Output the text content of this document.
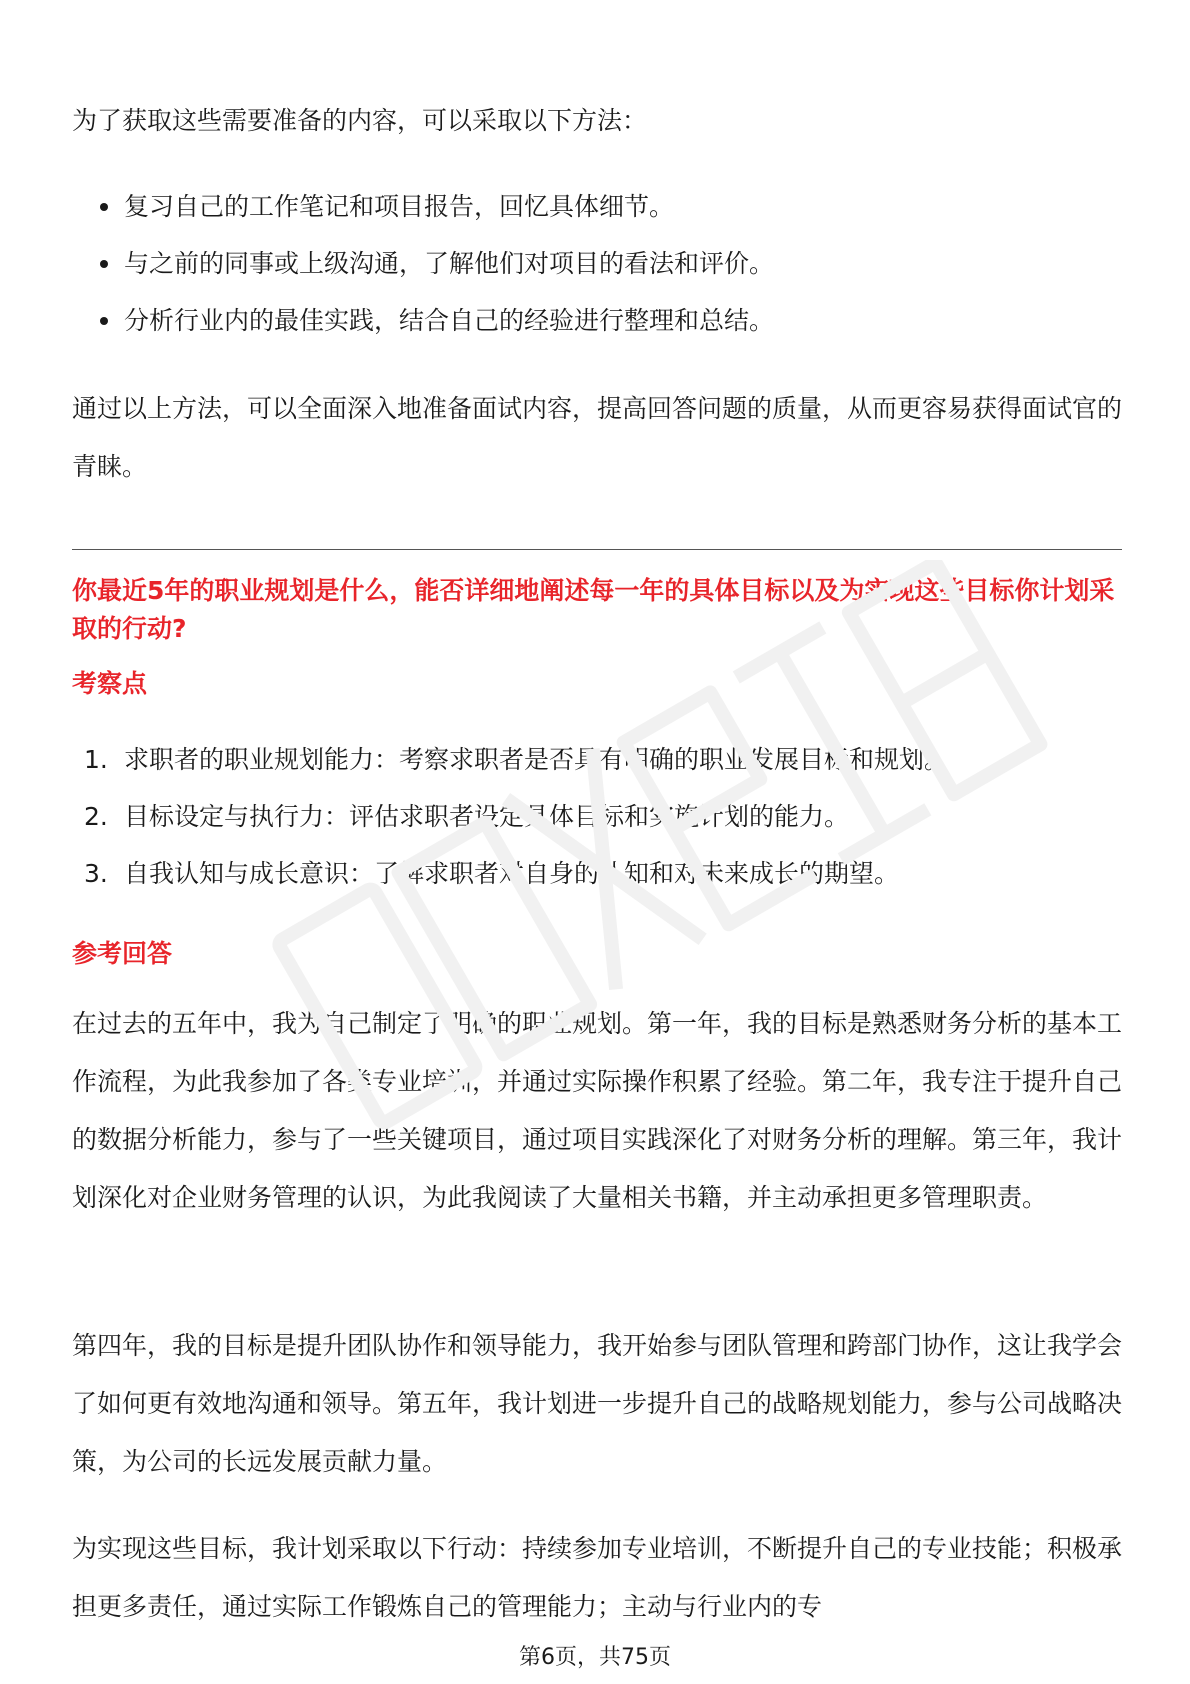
为了获取这些需要准备的内容，可以采取以下方法：

复习自己的工作笔记和项目报告，回忆具体细节。
与之前的同事或上级沟通，了解他们对项目的看法和评价。
分析行业内的最佳实践，结合自己的经验进行整理和总结。

通过以上方法，可以全面深入地准备面试内容，提高回答问题的质量，从而更容易获得面试官的青睐。

你最近5年的职业规划是什么，能否详细地阐述每一年的具体目标以及为实现这些目标你计划采取的行动?

考察点

1. 求职者的职业规划能力：考察求职者是否具有明确的职业发展目标和规划。
2. 目标设定与执行力：评估求职者设定具体目标和实施计划的能力。
3. 自我认知与成长意识：了解求职者对自身的认知和对未来成长的期望。

参考回答

在过去的五年中，我为自己制定了明确的职业规划。第一年，我的目标是熟悉财务分析的基本工作流程，为此我参加了各类专业培训，并通过实际操作积累了经验。第二年，我专注于提升自己的数据分析能力，参与了一些关键项目，通过项目实践深化了对财务分析的理解。第三年，我计划深化对企业财务管理的认识，为此我阅读了大量相关书籍，并主动承担更多管理职责。

第四年，我的目标是提升团队协作和领导能力，我开始参与团队管理和跨部门协作，这让我学会了如何更有效地沟通和领导。第五年，我计划进一步提升自己的战略规划能力，参与公司战略决策，为公司的长远发展贡献力量。

为实现这些目标，我计划采取以下行动：持续参加专业培训，不断提升自己的专业技能；积极承担更多责任，通过实际工作锻炼自己的管理能力；主动与行业内的专

第6页，共75页
